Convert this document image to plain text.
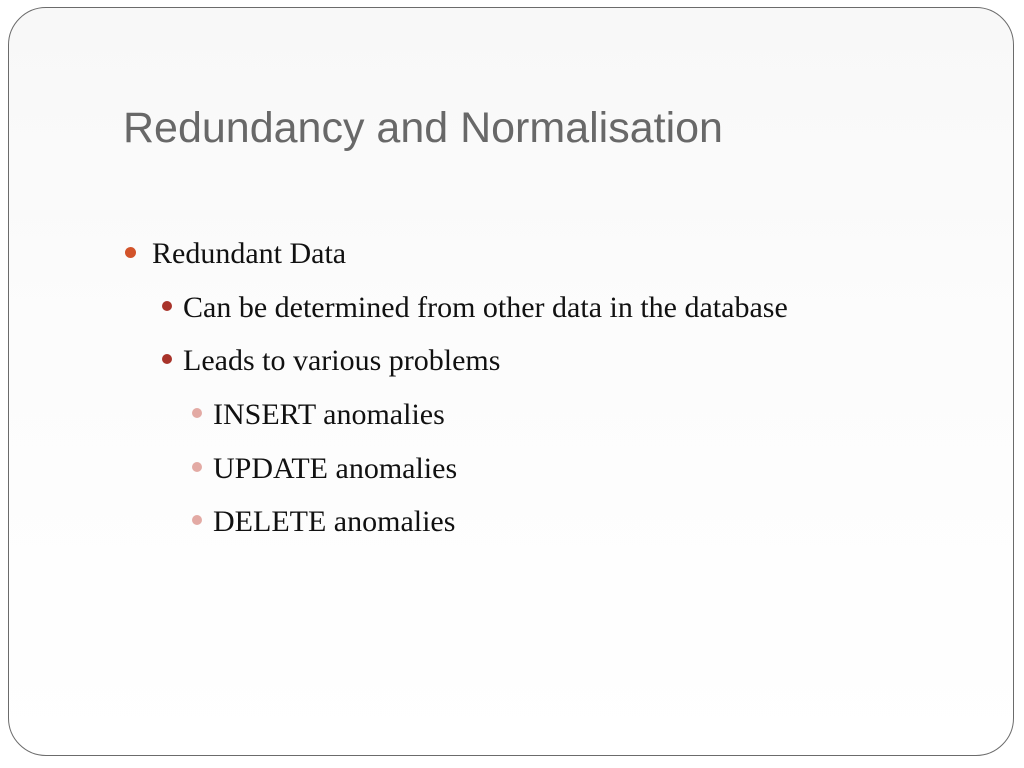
Redundancy and Normalisation
Redundant Data
Can be determined from other data in the database
Leads to various problems
INSERT anomalies
UPDATE anomalies
DELETE anomalies
